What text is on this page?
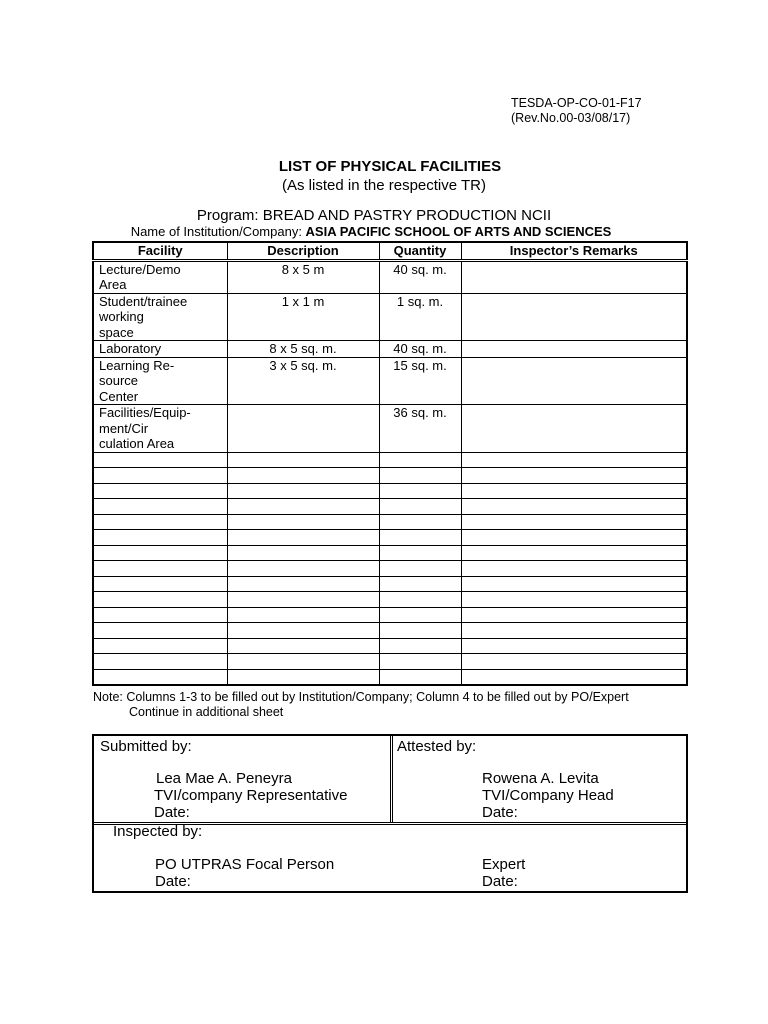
TESDA-OP-CO-01-F17
(Rev.No.00-03/08/17)
LIST OF PHYSICAL FACILITIES
(As listed in the respective TR)
Program: BREAD AND PASTRY PRODUCTION NCII
Name of Institution/Company: ASIA PACIFIC SCHOOL OF ARTS AND SCIENCES
Facility	Description	Quantity	Inspector’s Remarks
Lecture/Demo
Area	8 x 5 m	40 sq. m.	
Student/trainee
working
space	1 x 1 m	1 sq. m.	
Laboratory	8 x 5 sq. m.	40 sq. m.	
Learning Re-
source
Center	3 x 5 sq. m.	15 sq. m.	
Facilities/Equip-
ment/Cir
culation Area		36 sq. m.	

Note: Columns 1-3 to be filled out by Institution/Company; Column 4 to be filled out by PO/Expert
Continue in additional sheet
Submitted by:
Lea Mae A. Peneyra
TVI/company Representative
Date:
Attested by:
Rowena A. Levita
TVI/Company Head
Date:
Inspected by:
PO UTPRAS Focal Person
Date:
Expert
Date:
